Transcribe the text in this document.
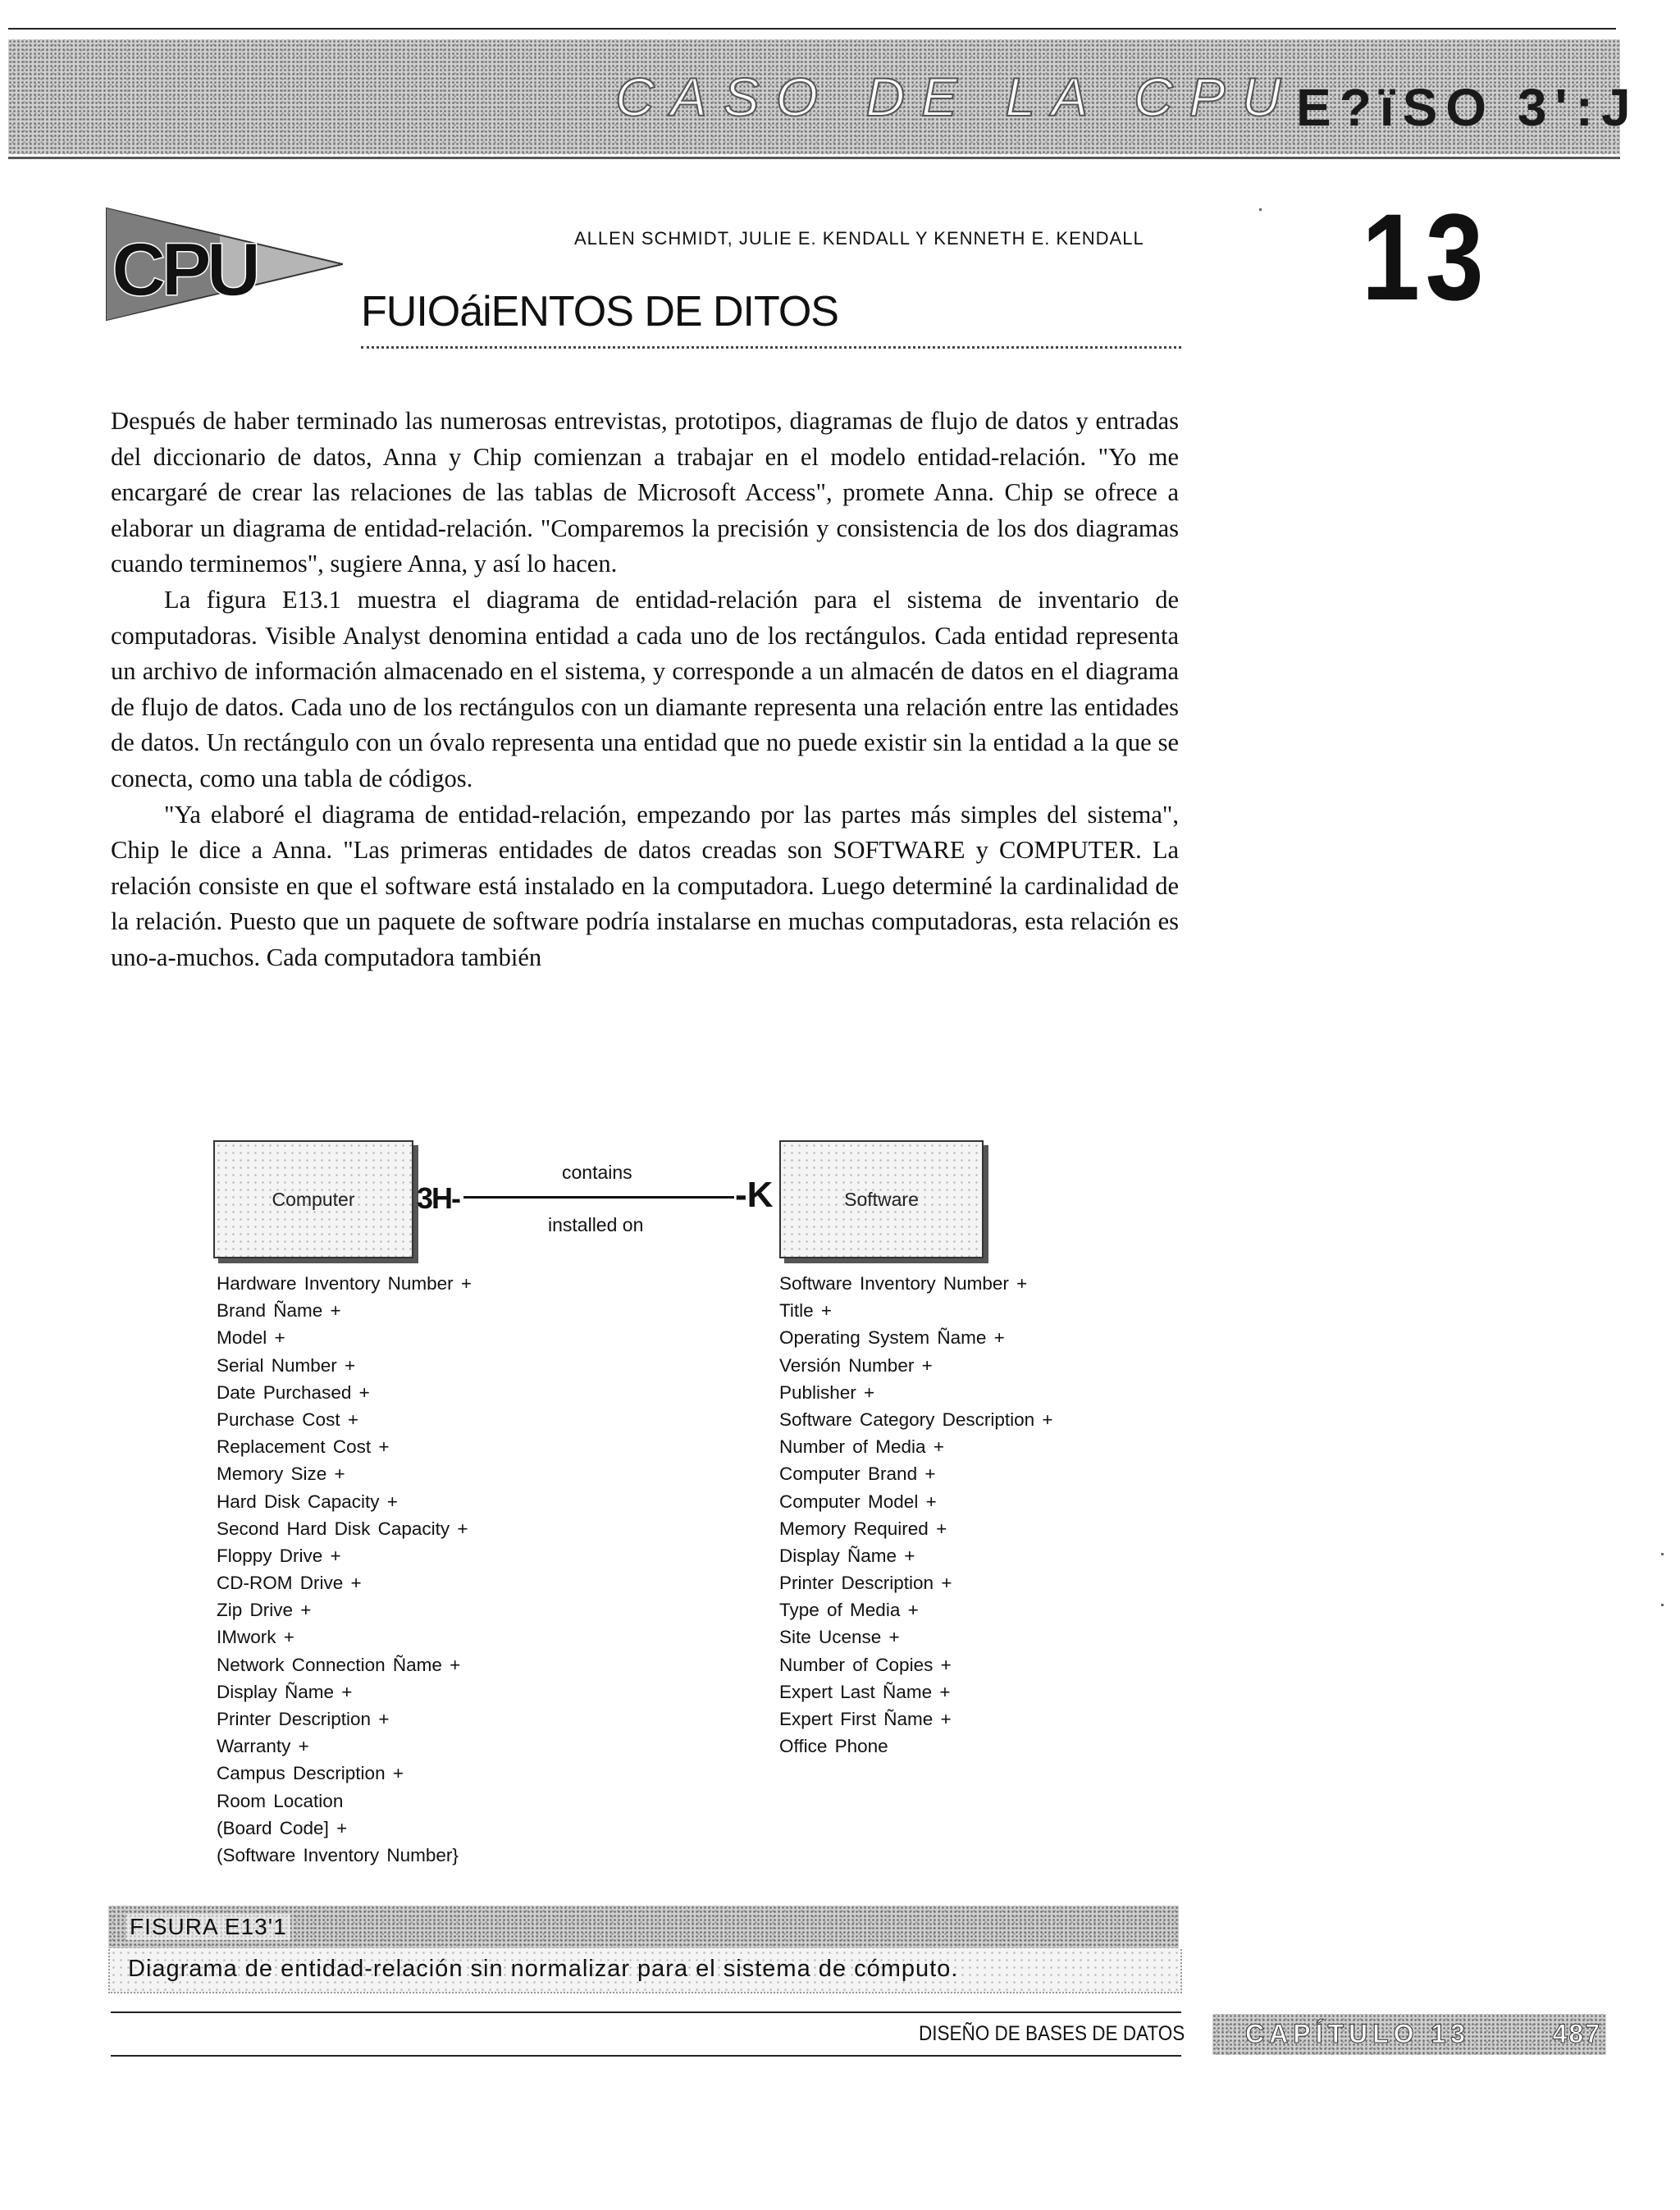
CASO DE LA CPU
E?ïSO 3':J
CPU	ALLEN SCHMIDT, JULIE E. KENDALL Y KENNETH E. KENDALL
FUIOáiENTOS DE DITOS	13

Después de haber terminado las numerosas entrevistas, prototipos, diagramas de flujo de datos y entradas del diccionario de datos, Anna y Chip comienzan a trabajar en el modelo entidad-relación. "Yo me encargaré de crear las relaciones de las tablas de Microsoft Access", promete Anna. Chip se ofrece a elaborar un diagrama de entidad-relación. "Comparemos la precisión y consistencia de los dos diagramas cuando terminemos", sugiere Anna, y así lo hacen.

La figura E13.1 muestra el diagrama de entidad-relación para el sistema de inventario de computadoras. Visible Analyst denomina entidad a cada uno de los rectángulos. Cada entidad representa un archivo de información almacenado en el sistema, y corresponde a un almacén de datos en el diagrama de flujo de datos. Cada uno de los rectángulos con un diamante representa una relación entre las entidades de datos. Un rectángulo con un óvalo representa una entidad que no puede existir sin la entidad a la que se conecta, como una tabla de códigos.

"Ya elaboré el diagrama de entidad-relación, empezando por las partes más simples del sistema", Chip le dice a Anna. "Las primeras entidades de datos creadas son SOFTWARE y COMPUTER. La relación consiste en que el software está instalado en la computadora. Luego determiné la cardinalidad de la relación. Puesto que un paquete de software podría instalarse en muchas computadoras, esta relación es uno-a-muchos. Cada computadora también

Computer 3H-
contains
installed on
-K	Software
Hardware Inventory Number +
Brand Ñame +
Model +
Serial Number +
Date Purchased +
Purchase Cost +
Replacement Cost +
Memory Size +
Hard Disk Capacity +
Second Hard Disk Capacity +
Floppy Drive +
CD-ROM Drive +
Zip Drive +
IMwork +
Network Connection Ñame +
Display Ñame +
Printer Description +
Warranty +
Campus Description +
Room Location
(Board Code] +
(Software Inventory Number}
Software Inventory Number +
Title +
Operating System Ñame +
Versión Number +
Publisher +
Software Category Description +
Number of Media +
Computer Brand +
Computer Model +
Memory Required +
Display Ñame +
Printer Description +
Type of Media +
Site Ucense +
Number of Copies +
Expert Last Ñame +
Expert First Ñame +
Office Phone
FISURA E13'1
Diagrama de entidad-relación sin normalizar para el sistema de cómputo.
DISEÑO DE BASES DE DATOS CAPÍTULO 13	487
